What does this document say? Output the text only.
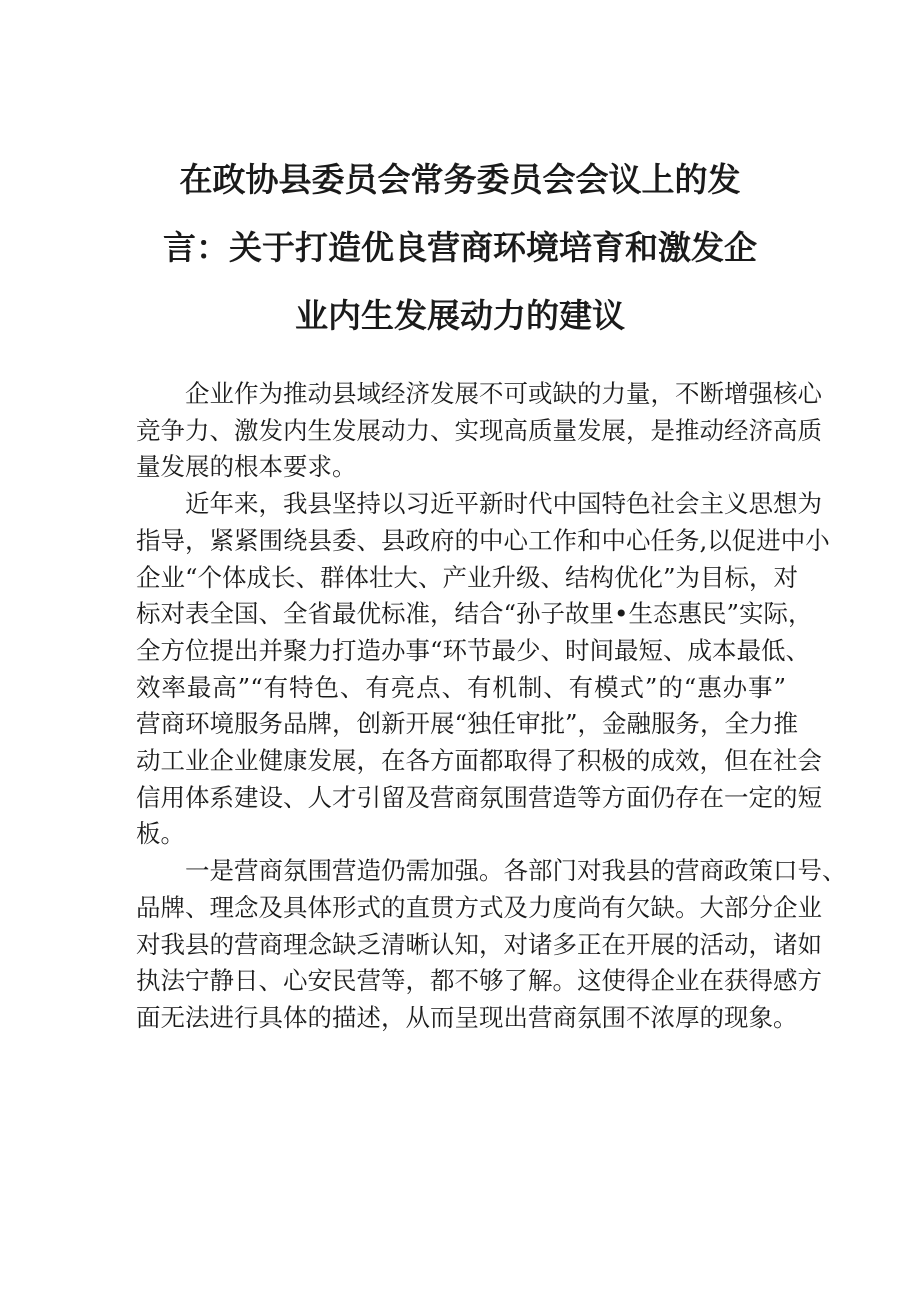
在政协县委员会常务委员会会议上的发
言：关于打造优良营商环境培育和激发企
业内生发展动力的建议

企业作为推动县域经济发展不可或缺的力量，不断增强核心
竞争力、激发内生发展动力、实现高质量发展，是推动经济高质
量发展的根本要求。

近年来，我县坚持以习近平新时代中国特色社会主义思想为
指导，紧紧围绕县委、县政府的中心工作和中心任务,以促进中小
企业“个体成长、群体壮大、产业升级、结构优化”为目标，对
标对表全国、全省最优标准，结合“孙子故里•生态惠民”实际，
全方位提出并聚力打造办事“环节最少、时间最短、成本最低、
效率最高”“有特色、有亮点、有机制、有模式”的“惠办事”
营商环境服务品牌，创新开展“独任审批”，金融服务，全力推
动工业企业健康发展，在各方面都取得了积极的成效，但在社会
信用体系建设、人才引留及营商氛围营造等方面仍存在一定的短
板。

一是营商氛围营造仍需加强。各部门对我县的营商政策口号、
品牌、理念及具体形式的直贯方式及力度尚有欠缺。大部分企业
对我县的营商理念缺乏清晰认知，对诸多正在开展的活动，诸如
执法宁静日、心安民营等，都不够了解。这使得企业在获得感方
面无法进行具体的描述，从而呈现出营商氛围不浓厚的现象。
